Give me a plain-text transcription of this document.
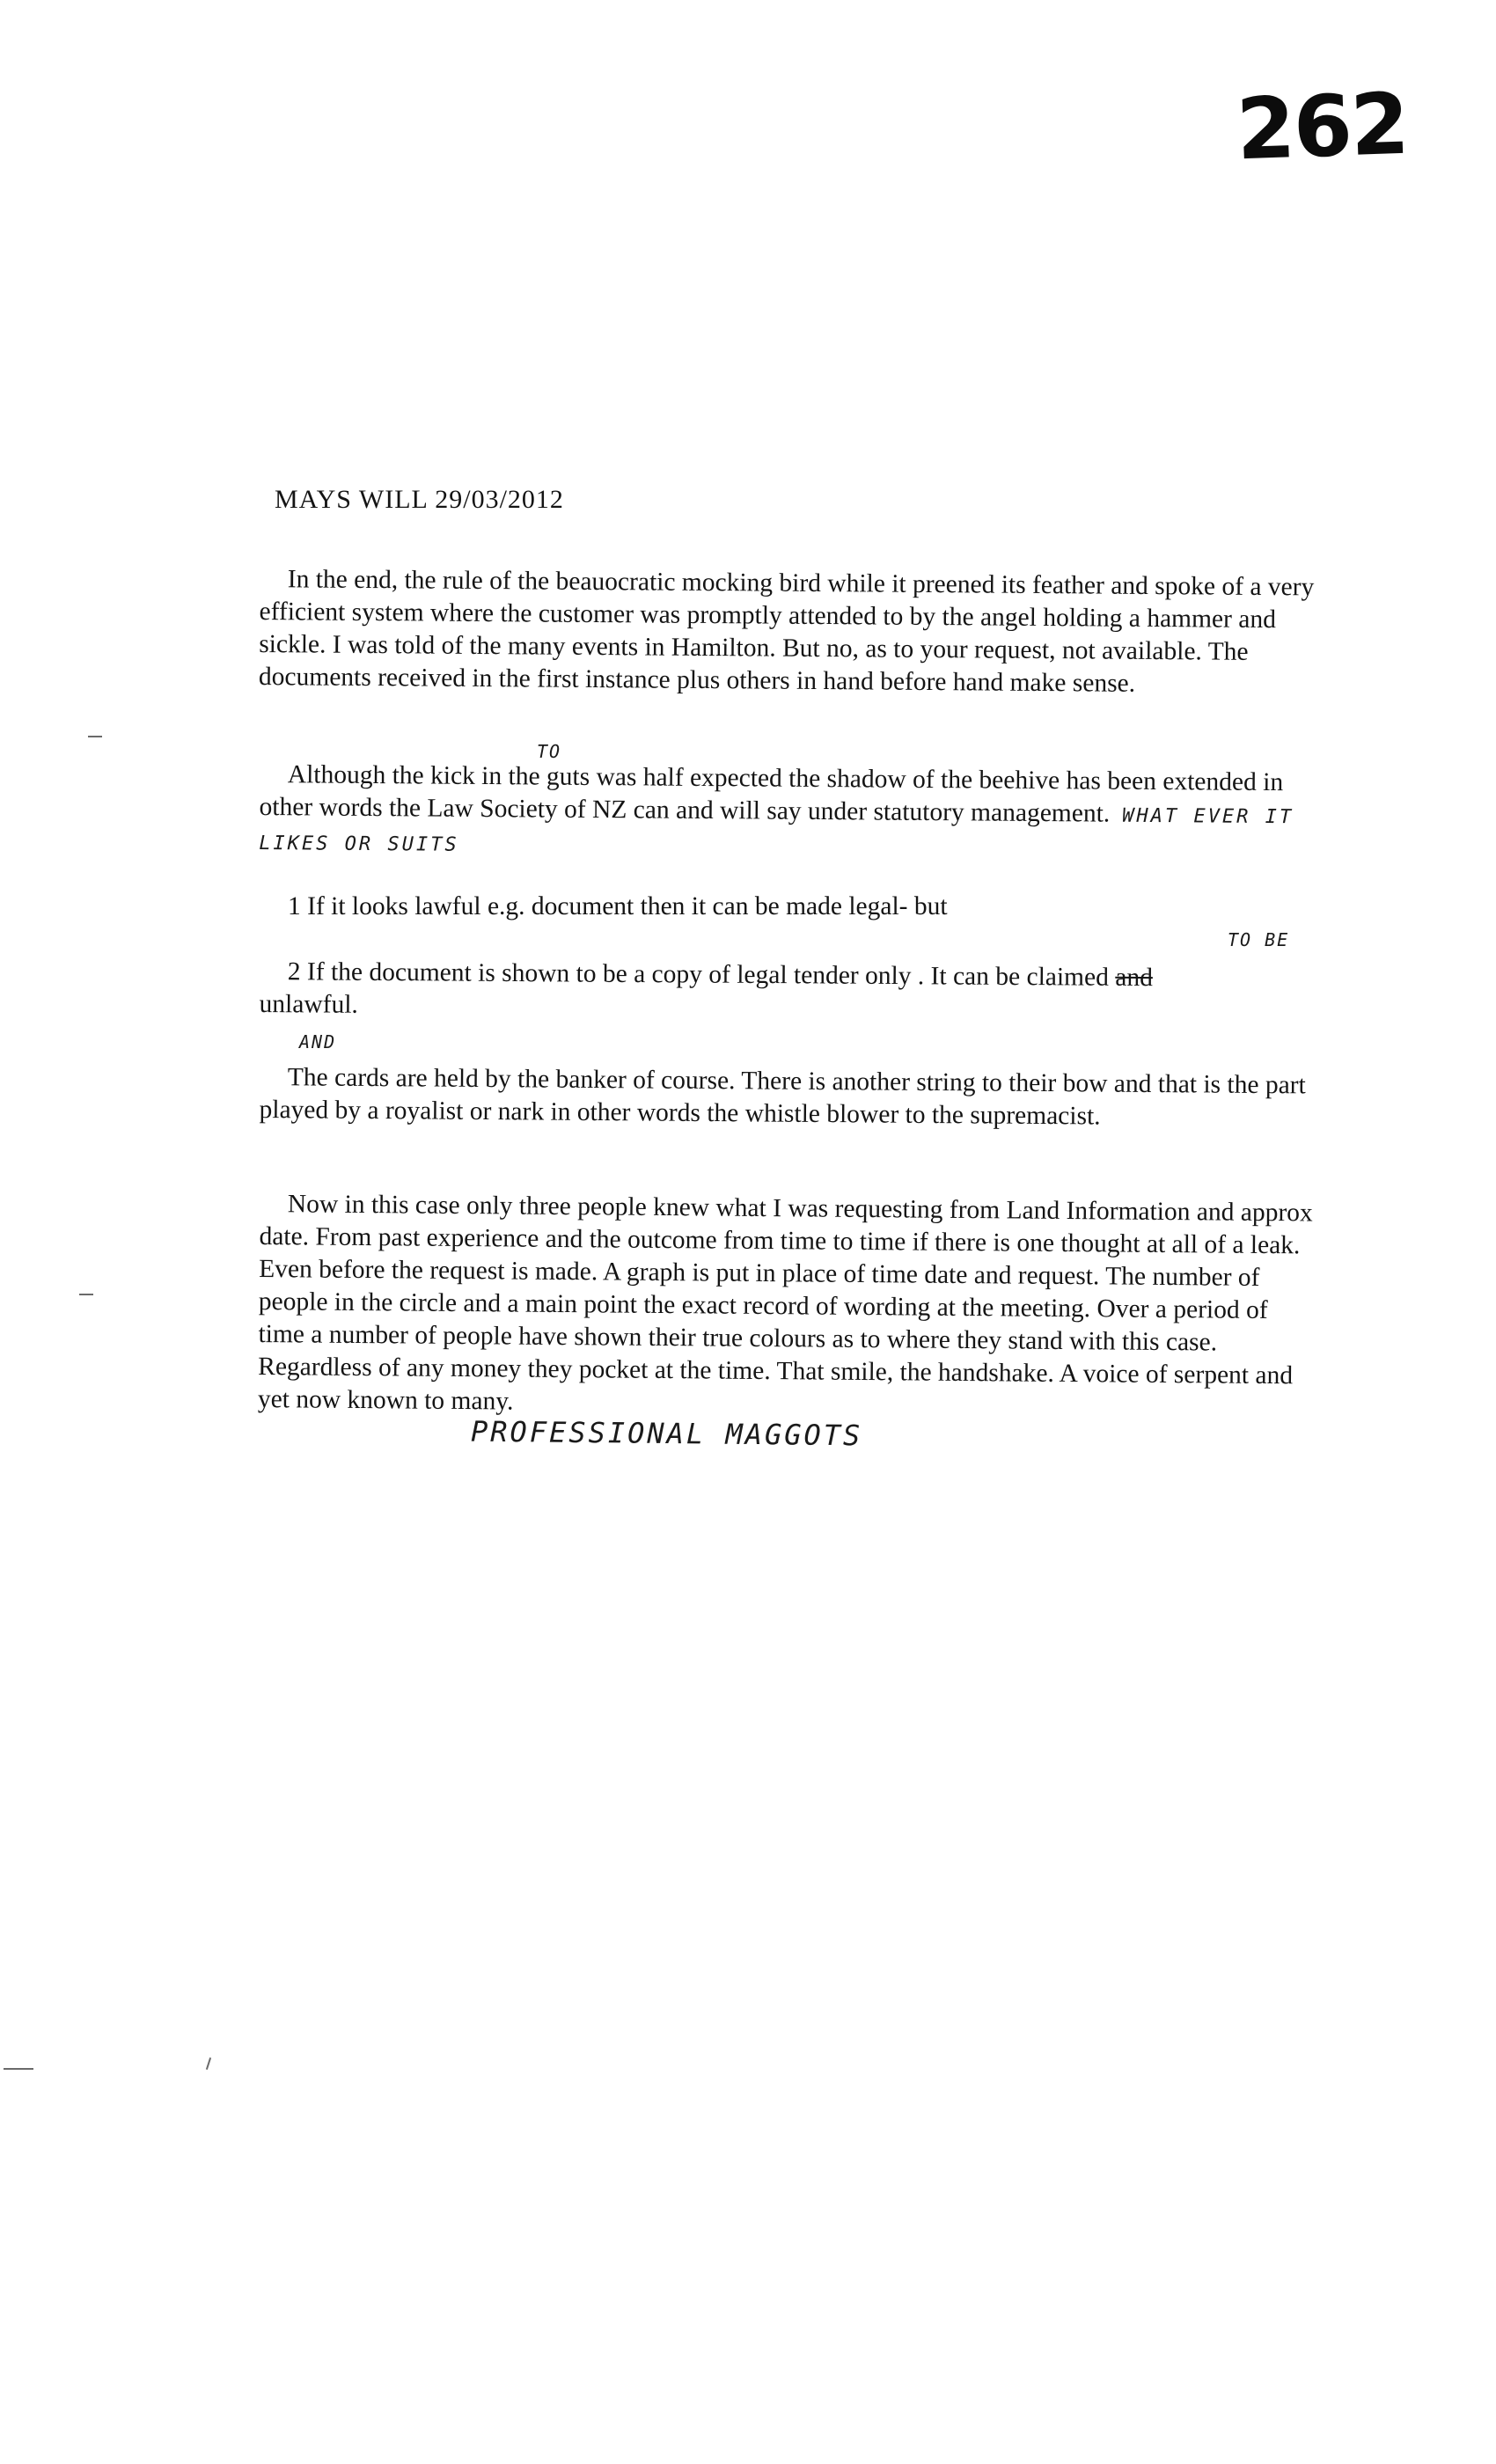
262
MAYS WILL 29/03/2012

In the end, the rule of the beauocratic mocking bird while it preened its feather and spoke of a very efficient system where the customer was promptly attended to by the angel holding a hammer and sickle. I was told of the many events in Hamilton. But no, as to your request, not available. The documents received in the first instance plus others in hand before hand make sense.

TO

Although the kick in the guts was half expected the shadow of the beehive has been extended in other words the Law Society of NZ can and will say under statutory management. WHAT EVER IT LIKES OR SUITS

1 If it looks lawful e.g. document then it can be made legal- but

TO BE

2 If the document is shown to be a copy of legal tender only . It can be claimed and
unlawful.

AND

The cards are held by the banker of course. There is another string to their bow and that is the part played by a royalist or nark in other words the whistle blower to the supremacist.

Now in this case only three people knew what I was requesting from Land Information and approx date. From past experience and the outcome from time to time if there is one thought at all of a leak. Even before the request is made. A graph is put in place of time date and request. The number of people in the circle and a main point the exact record of wording at the meeting. Over a period of time a number of people have shown their true colours as to where they stand with this case. Regardless of any money they pocket at the time. That smile, the handshake. A voice of serpent and yet now known to many.

PROFESSIONAL MAGGOTS
